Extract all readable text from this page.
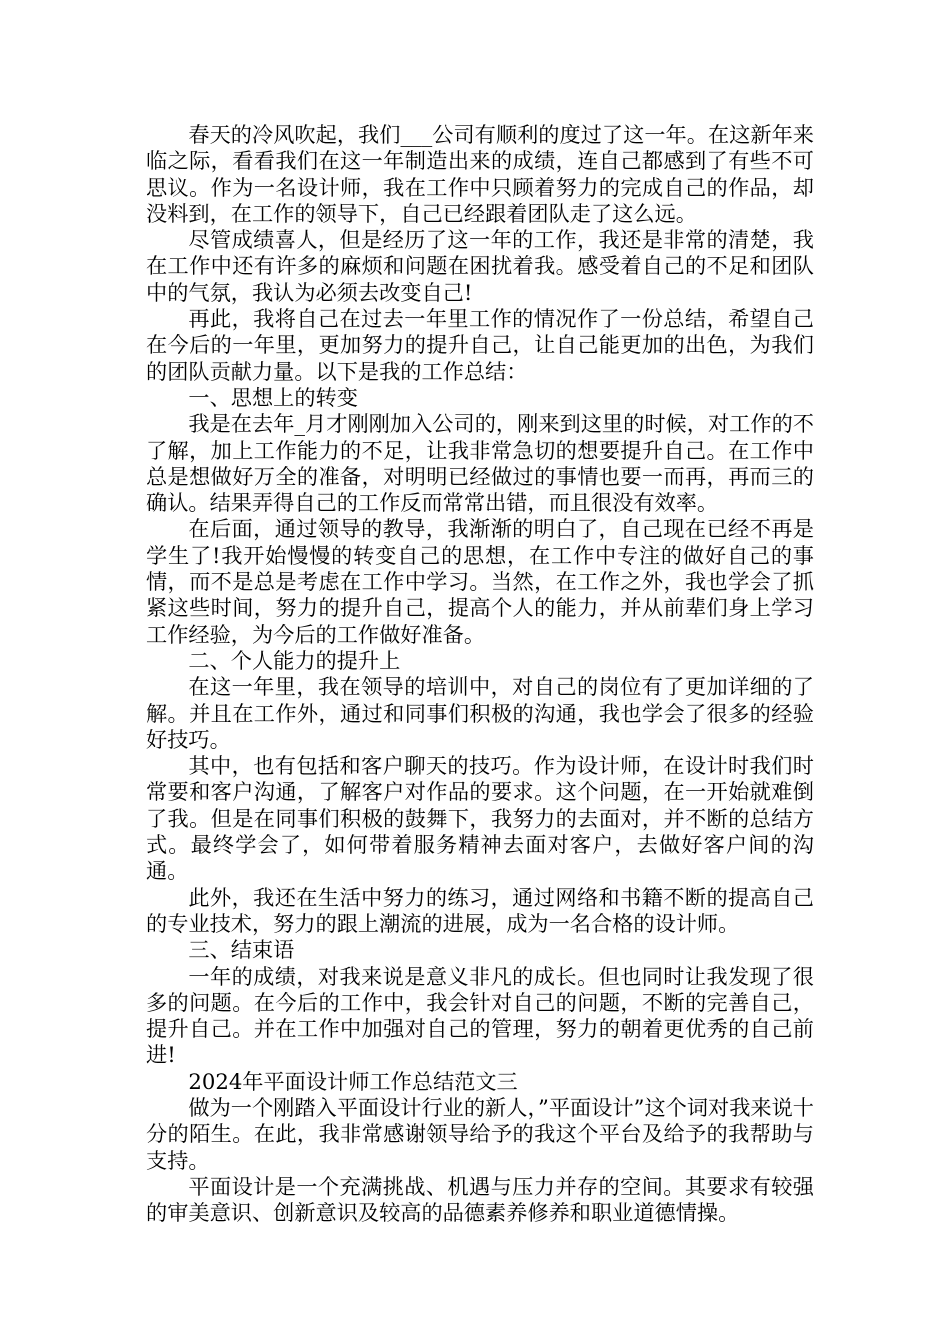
春天的冷风吹起，我们___公司有顺利的度过了这一年。在这新年来临之际，看看我们在这一年制造出来的成绩，连自己都感到了有些不可思议。作为一名设计师，我在工作中只顾着努力的完成自己的作品，却没料到，在工作的领导下，自己已经跟着团队走了这么远。

尽管成绩喜人，但是经历了这一年的工作，我还是非常的清楚，我在工作中还有许多的麻烦和问题在困扰着我。感受着自己的不足和团队中的气氛，我认为必须去改变自己!

再此，我将自己在过去一年里工作的情况作了一份总结，希望自己在今后的一年里，更加努力的提升自己，让自己能更加的出色，为我们的团队贡献力量。以下是我的工作总结：

一、思想上的转变

我是在去年_月才刚刚加入公司的，刚来到这里的时候，对工作的不了解，加上工作能力的不足，让我非常急切的想要提升自己。在工作中总是想做好万全的准备，对明明已经做过的事情也要一而再，再而三的确认。结果弄得自己的工作反而常常出错，而且很没有效率。

在后面，通过领导的教导，我渐渐的明白了，自己现在已经不再是学生了!我开始慢慢的转变自己的思想，在工作中专注的做好自己的事情，而不是总是考虑在工作中学习。当然，在工作之外，我也学会了抓紧这些时间，努力的提升自己，提高个人的能力，并从前辈们身上学习工作经验，为今后的工作做好准备。

二、个人能力的提升上

在这一年里，我在领导的培训中，对自己的岗位有了更加详细的了解。并且在工作外，通过和同事们积极的沟通，我也学会了很多的经验好技巧。

其中，也有包括和客户聊天的技巧。作为设计师，在设计时我们时常要和客户沟通，了解客户对作品的要求。这个问题，在一开始就难倒了我。但是在同事们积极的鼓舞下，我努力的去面对，并不断的总结方式。最终学会了，如何带着服务精神去面对客户，去做好客户间的沟通。

此外，我还在生活中努力的练习，通过网络和书籍不断的提高自己的专业技术，努力的跟上潮流的进展，成为一名合格的设计师。

三、结束语

一年的成绩，对我来说是意义非凡的成长。但也同时让我发现了很多的问题。在今后的工作中，我会针对自己的问题，不断的完善自己，提升自己。并在工作中加强对自己的管理，努力的朝着更优秀的自己前进!

2024年平面设计师工作总结范文三

做为一个刚踏入平面设计行业的新人，”平面设计”这个词对我来说十分的陌生。在此，我非常感谢领导给予的我这个平台及给予的我帮助与支持。

平面设计是一个充满挑战、机遇与压力并存的空间。其要求有较强的审美意识、创新意识及较高的品德素养修养和职业道德情操。
